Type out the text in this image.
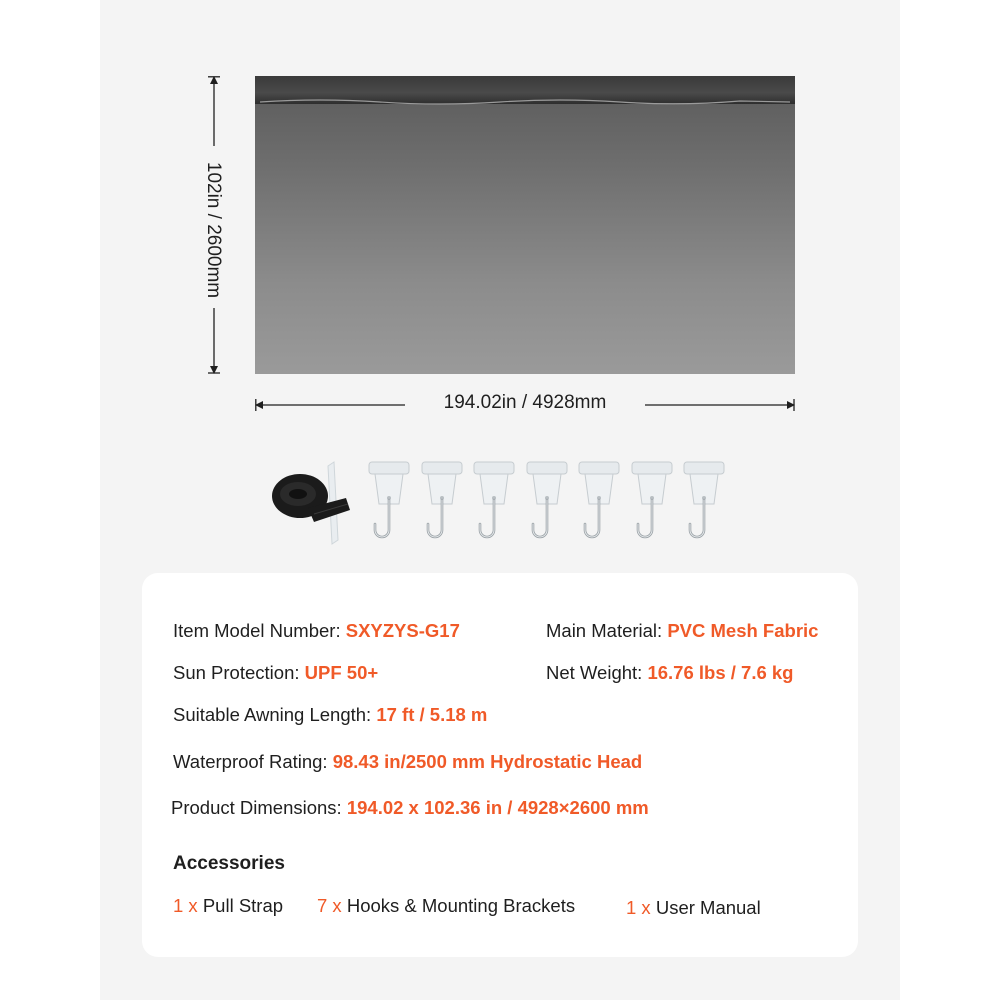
102in / 2600mm
194.02in / 4928mm
Item Model Number: SXYZYS-G17	Main Material: PVC Mesh Fabric
Sun Protection: UPF 50+	Net Weight: 16.76 lbs / 7.6 kg
Suitable Awning Length: 17 ft / 5.18 m
Waterproof Rating: 98.43 in/2500 mm Hydrostatic Head
Product Dimensions: 194.02 x 102.36 in / 4928×2600 mm
Accessories
1 x Pull Strap 7 x Hooks & Mounting Brackets	1 x User Manual
